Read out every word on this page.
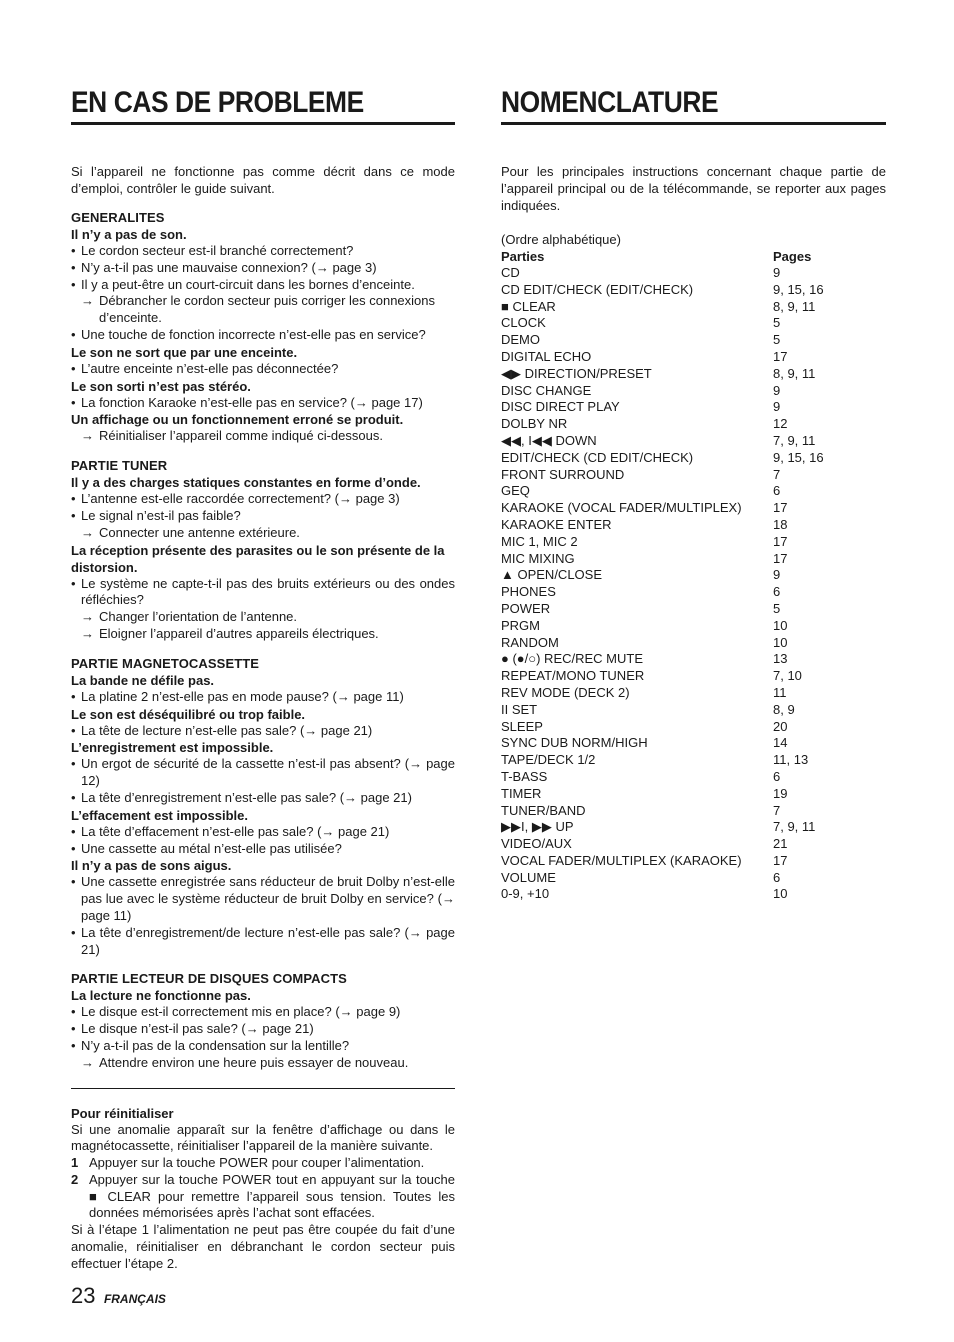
EN CAS DE PROBLEME

Si l’appareil ne fonctionne pas comme décrit dans ce mode d’emploi, contrôler le guide suivant.

GENERALITES

Il n’y a pas de son.

• Le cordon secteur est-il branché correctement?

• N’y a-t-il pas une mauvaise connexion? (→ page 3)

• Il y a peut-être un court-circuit dans les bornes d’enceinte.

→ Débrancher le cordon secteur puis corriger les connexions d’enceinte.

• Une touche de fonction incorrecte n’est-elle pas en service?

Le son ne sort que par une enceinte.

• L’autre enceinte n’est-elle pas déconnectée?

Le son sorti n’est pas stéréo.

• La fonction Karaoke n’est-elle pas en service? (→ page 17)

Un affichage ou un fonctionnement erroné se produit.

→ Réinitialiser l’appareil comme indiqué ci-dessous.

PARTIE TUNER

Il y a des charges statiques constantes en forme d’onde.

• L’antenne est-elle raccordée correctement? (→ page 3)

• Le signal n’est-il pas faible?

→ Connecter une antenne extérieure.

La réception présente des parasites ou le son présente de la distorsion.

• Le système ne capte-t-il pas des bruits extérieurs ou des ondes réfléchies?

→ Changer l’orientation de l’antenne.

→ Eloigner l’appareil d’autres appareils électriques.

PARTIE MAGNETOCASSETTE

La bande ne défile pas.

• La platine 2 n’est-elle pas en mode pause? (→ page 11)

Le son est déséquilibré ou trop faible.

• La tête de lecture n’est-elle pas sale? (→ page 21)

L’enregistrement est impossible.

• Un ergot de sécurité de la cassette n’est-il pas absent? (→ page 12)

• La tête d’enregistrement n’est-elle pas sale? (→ page 21)

L’effacement est impossible.

• La tête d’effacement n’est-elle pas sale? (→ page 21)

• Une cassette au métal n’est-elle pas utilisée?

Il n’y a pas de sons aigus.

• Une cassette enregistrée sans réducteur de bruit Dolby n’est-elle pas lue avec le système réducteur de bruit Dolby en service? (→ page 11)

• La tête d’enregistrement/de lecture n’est-elle pas sale? (→ page 21)

PARTIE LECTEUR DE DISQUES COMPACTS

La lecture ne fonctionne pas.

• Le disque est-il correctement mis en place? (→ page 9)

• Le disque n’est-il pas sale? (→ page 21)

• N’y a-t-il pas de la condensation sur la lentille?

→ Attendre environ une heure puis essayer de nouveau.

Pour réinitialiser

Si une anomalie apparaît sur la fenêtre d’affichage ou dans le magnétocassette, réinitialiser l’appareil de la manière suivante.

1 Appuyer sur la touche POWER pour couper l’alimentation.

2 Appuyer sur la touche POWER tout en appuyant sur la touche ■ CLEAR pour remettre l’appareil sous tension. Toutes les données mémorisées après l’achat sont effacées.

Si à l’étape 1 l’alimentation ne peut pas être coupée du fait d’une anomalie, réinitialiser en débranchant le cordon secteur puis effectuer l’étape 2.

NOMENCLATURE

Pour les principales instructions concernant chaque partie de l’appareil principal ou de la télécommande, se reporter aux pages indiquées.

(Ordre alphabétique)

Parties	Pages
CD	9
CD EDIT/CHECK (EDIT/CHECK)	9, 15, 16
■ CLEAR	8, 9, 11
CLOCK	5
DEMO	5
DIGITAL ECHO	17
◀▶ DIRECTION/PRESET	8, 9, 11
DISC CHANGE	9
DISC DIRECT PLAY	9
DOLBY NR	12
◀◀, I◀◀ DOWN	7, 9, 11
EDIT/CHECK (CD EDIT/CHECK)	9, 15, 16
FRONT SURROUND	7
GEQ	6
KARAOKE (VOCAL FADER/MULTIPLEX)	17
KARAOKE ENTER	18
MIC 1, MIC 2	17
MIC MIXING	17
▲ OPEN/CLOSE	9
PHONES	6
POWER	5
PRGM	10
RANDOM	10
● (●/○) REC/REC MUTE	13
REPEAT/MONO TUNER	7, 10
REV MODE (DECK 2)	11
II SET	8, 9
SLEEP	20
SYNC DUB NORM/HIGH	14
TAPE/DECK 1/2	11, 13
T-BASS	6
TIMER	19
TUNER/BAND	7
▶▶I, ▶▶ UP	7, 9, 11
VIDEO/AUX	21
VOCAL FADER/MULTIPLEX (KARAOKE)	17
VOLUME	6
0-9, +10	10
23 FRANÇAIS
